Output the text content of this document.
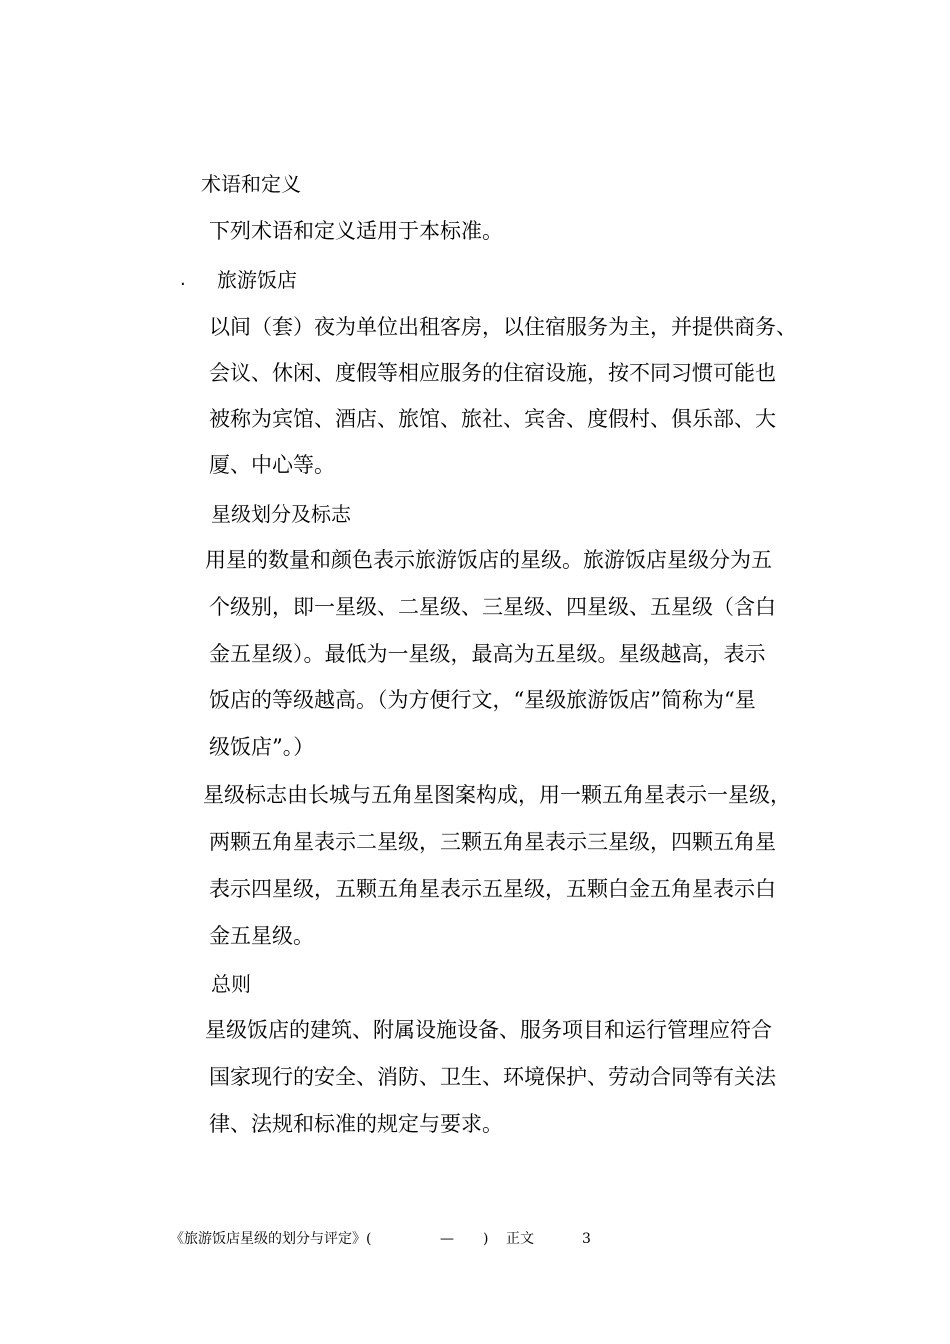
术语和定义
下列术语和定义适用于本标准。
. 旅游饭店
以间（套）夜为单位出租客房，以住宿服务为主，并提供商务、
会议、休闲、度假等相应服务的住宿设施，按不同习惯可能也
被称为宾馆、酒店、旅馆、旅社、宾舍、度假村、俱乐部、大
厦、中心等。
星级划分及标志
用星的数量和颜色表示旅游饭店的星级。旅游饭店星级分为五
个级别，即一星级、二星级、三星级、四星级、五星级（含白
金五星级）。最低为一星级，最高为五星级。星级越高，表示
饭店的等级越高。（为方便行文，“星级旅游饭店”简称为“星
级饭店”。）
星级标志由长城与五角星图案构成，用一颗五角星表示一星级，
两颗五角星表示二星级，三颗五角星表示三星级，四颗五角星
表示四星级，五颗五角星表示五星级，五颗白金五角星表示白
金五星级。
总则
星级饭店的建筑、附属设施设备、服务项目和运行管理应符合
国家现行的安全、消防、卫生、环境保护、劳动合同等有关法
律、法规和标准的规定与要求。
《旅游饭店星级的划分与评定》(	— ) 正文	3
